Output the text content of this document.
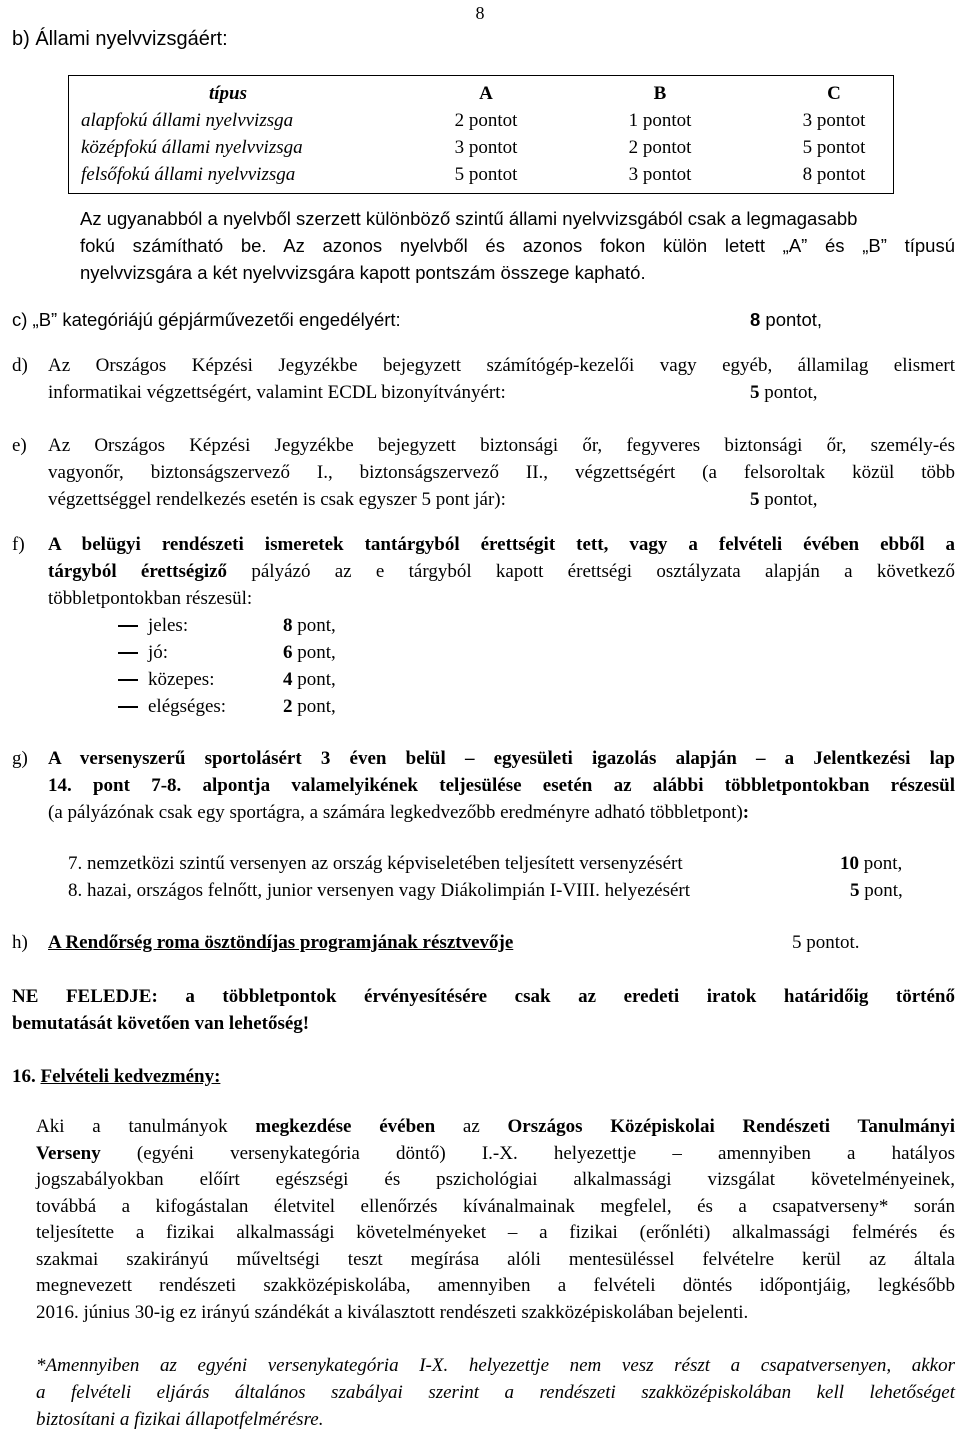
8
b) Állami nyelvvizsgáért:
típus	A	B	C
alapfokú állami nyelvvizsga	2 pontot	1 pontot	3 pontot
középfokú állami nyelvvizsga	3 pontot	2 pontot	5 pontot
felsőfokú állami nyelvvizsga	5 pontot	3 pontot	8 pontot
Az ugyanabból a nyelvből szerzett különböző szintű állami nyelvvizsgából csak a legmagasabb
fokú számítható be. Az azonos nyelvből és azonos fokon külön letett „A” és „B” típusú
nyelvvizsgára a két nyelvvizsgára kapott pontszám összege kapható.
c) „B” kategóriájú gépjárművezetői engedélyért:	8 pontot,
d) Az Országos Képzési Jegyzékbe bejegyzett számítógép-kezelői vagy egyéb, államilag elismert
informatikai végzettségért, valamint ECDL bizonyítványért:	5 pontot,
e) Az Országos Képzési Jegyzékbe bejegyzett biztonsági őr, fegyveres biztonsági őr, személy-és
vagyonőr, biztonságszervező I., biztonságszervező II., végzettségért (a felsoroltak közül több
végzettséggel rendelkezés esetén is csak egyszer 5 pont jár):	5 pontot,
f) A belügyi rendészeti ismeretek tantárgyból érettségit tett, vagy a felvételi évében ebből a
tárgyból érettségiző pályázó az e tárgyból kapott érettségi osztályzata alapján a következő
többletpontokban részesül:
jeles:	8 pont,
jó:	6 pont,
közepes:	4 pont,
elégséges:	2 pont,
g) A versenyszerű sportolásért 3 éven belül – egyesületi igazolás alapján – a Jelentkezési lap
14. pont 7-8. alpontja valamelyikének teljesülése esetén az alábbi többletpontokban részesül
(a pályázónak csak egy sportágra, a számára legkedvezőbb eredményre adható többletpont):
7. nemzetközi szintű versenyen az ország képviseletében teljesített versenyzésért	10 pont,
8. hazai, országos felnőtt, junior versenyen vagy Diákolimpián I-VIII. helyezésért	5 pont,
h) A Rendőrség roma ösztöndíjas programjának résztvevője	5 pontot.
NE FELEDJE: a többletpontok érvényesítésére csak az eredeti iratok határidőig történő
bemutatását követően van lehetőség!
16. Felvételi kedvezmény:
Aki a tanulmányok megkezdése évében az Országos Középiskolai Rendészeti Tanulmányi
Verseny (egyéni versenykategória döntő) I.-X. helyezettje – amennyiben a hatályos
jogszabályokban előírt egészségi és pszichológiai alkalmassági vizsgálat követelményeinek,
továbbá a kifogástalan életvitel ellenőrzés kívánalmainak megfelel, és a csapatverseny* során
teljesítette a fizikai alkalmassági követelményeket – a fizikai (erőnléti) alkalmassági felmérés és
szakmai szakirányú műveltségi teszt megírása alóli mentesüléssel felvételre kerül az általa
megnevezett rendészeti szakközépiskolába, amennyiben a felvételi döntés időpontjáig, legkésőbb
2016. június 30-ig ez irányú szándékát a kiválasztott rendészeti szakközépiskolában bejelenti.
*Amennyiben az egyéni versenykategória I-X. helyezettje nem vesz részt a csapatversenyen, akkor
a felvételi eljárás általános szabályai szerint a rendészeti szakközépiskolában kell lehetőséget
biztosítani a fizikai állapotfelmérésre.
